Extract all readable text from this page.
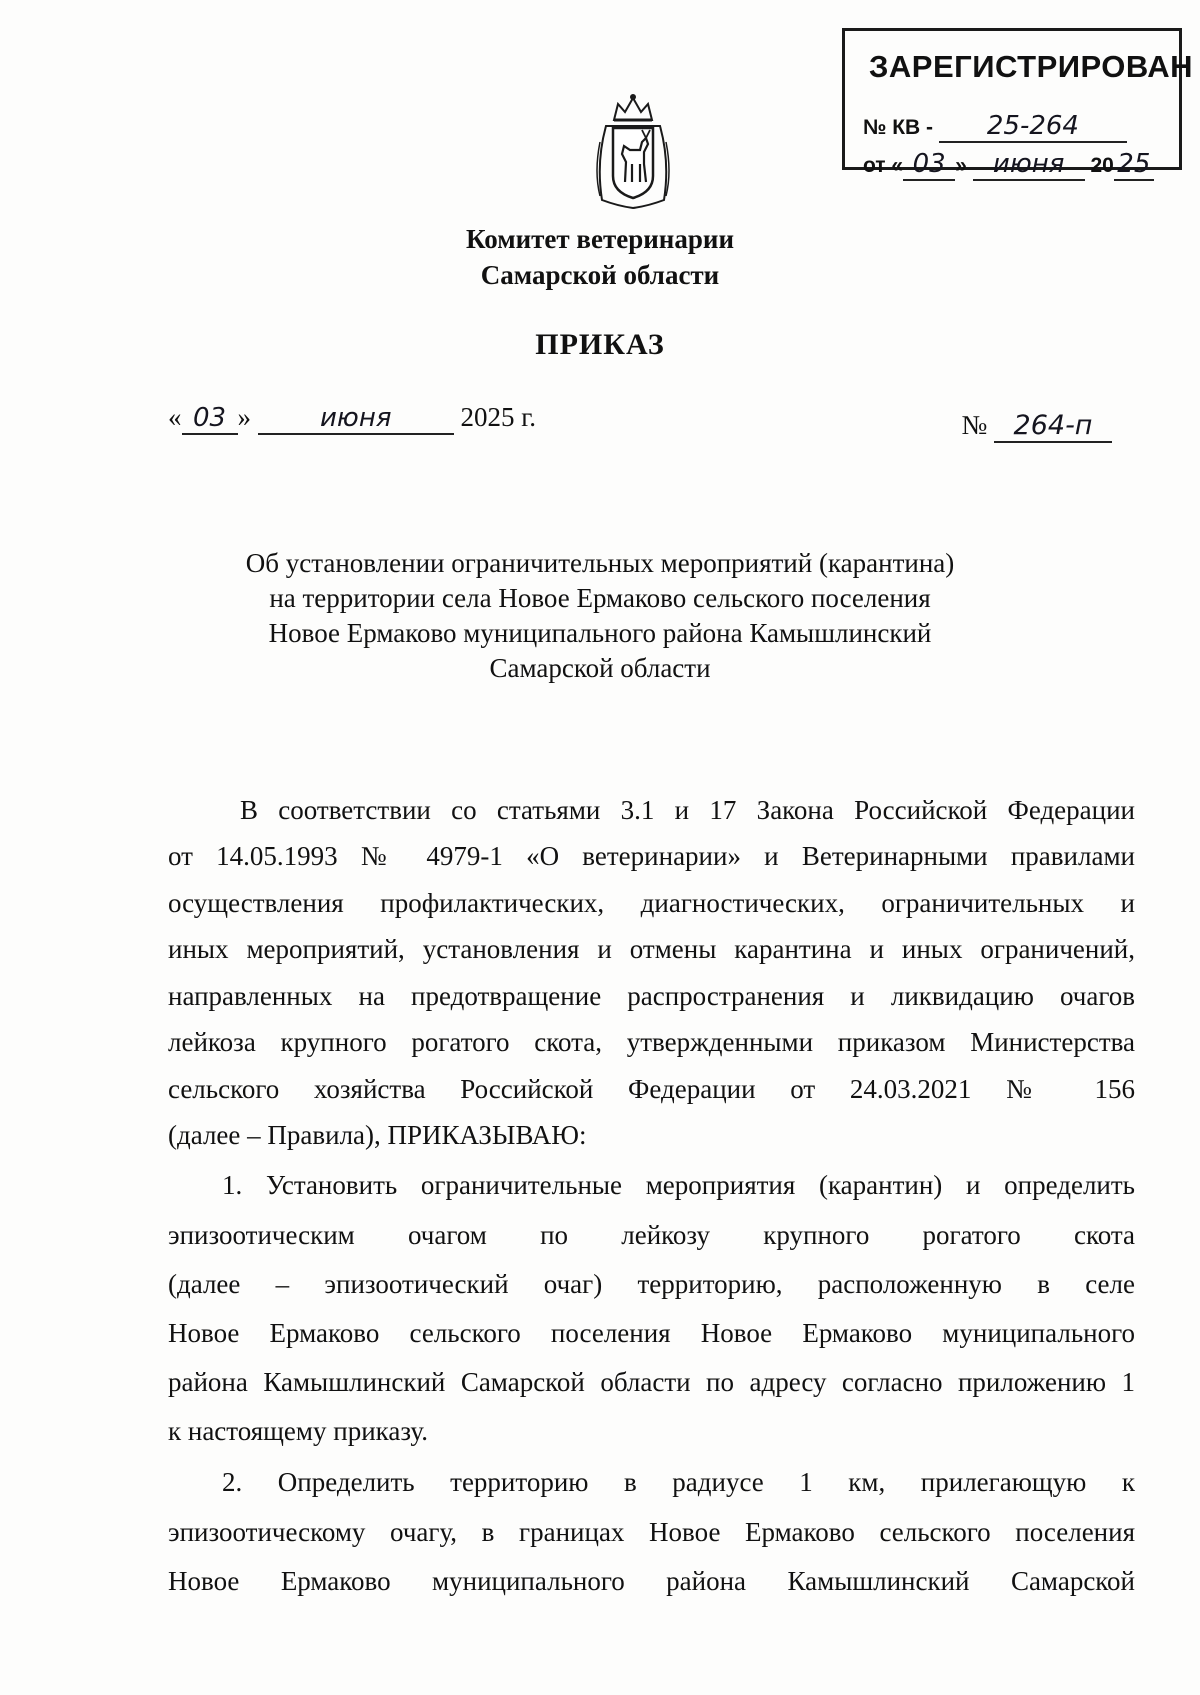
ЗАРЕГИСТРИРОВАН
№ КВ - 25-264
от « 03 » июня 20 25
Комитет ветеринарии
Самарской области
ПРИКАЗ
« 03 »	июня	2025 г.	№ 264-п
Об установлении ограничительных мероприятий (карантина)
на территории села Новое Ермаково сельского поселения
Новое Ермаково муниципального района Камышлинский
Самарской области
В соответствии со статьями 3.1 и 17 Закона Российской Федерации
от 14.05.1993 № 4979-1 «О ветеринарии» и Ветеринарными правилами
осуществления профилактических, диагностических, ограничительных и
иных мероприятий, установления и отмены карантина и иных ограничений,
направленных на предотвращение распространения и ликвидацию очагов
лейкоза крупного рогатого скота, утвержденными приказом Министерства
сельского хозяйства Российской Федерации от 24.03.2021 № 156
(далее – Правила), ПРИКАЗЫВАЮ:
1. Установить ограничительные мероприятия (карантин) и определить
эпизоотическим очагом по лейкозу крупного рогатого скота
(далее – эпизоотический очаг) территорию, расположенную в селе
Новое Ермаково сельского поселения Новое Ермаково муниципального
района Камышлинский Самарской области по адресу согласно приложению 1
к настоящему приказу.
2. Определить территорию в радиусе 1 км, прилегающую к
эпизоотическому очагу, в границах Новое Ермаково сельского поселения
Новое Ермаково муниципального района Камышлинский Самарской
